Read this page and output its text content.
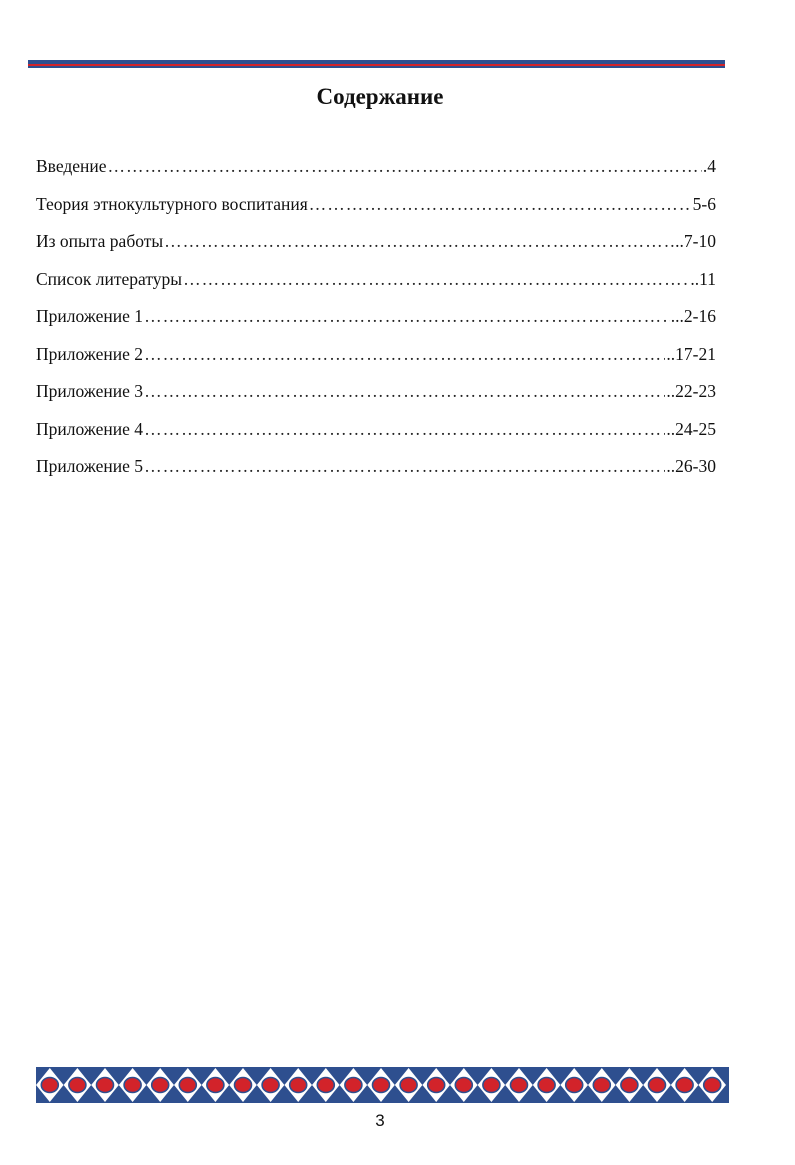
Содержание
Введение …………………………………………………………………………………………………………………………………………	.4
Теория этнокультурного воспитания …………………………………………………………………………………………………………………………………………	5-6
Из опыта работы …………………………………………………………………………………………………………………………………………	..7-10
Список литературы …………………………………………………………………………………………………………………………………………	..11
Приложение 1 …………………………………………………………………………………………………………………………………………	...2-16
Приложение 2 …………………………………………………………………………………………………………………………………………	..17-21
Приложение 3 …………………………………………………………………………………………………………………………………………	..22-23
Приложение 4 …………………………………………………………………………………………………………………………………………	..24-25
Приложение 5 …………………………………………………………………………………………………………………………………………	..26-30
3
